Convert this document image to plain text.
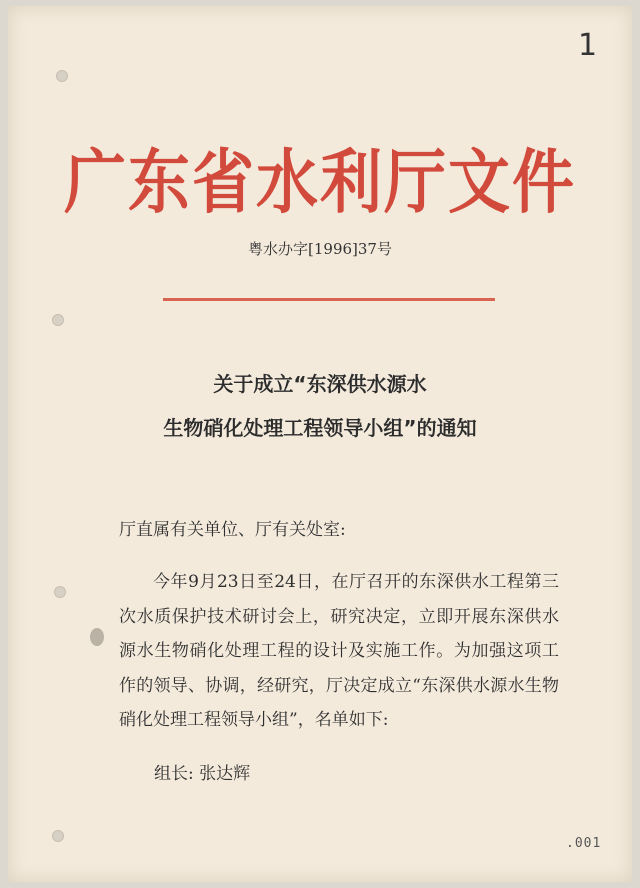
1
广东省水利厅文件
粤水办字[1996]37号
关于成立“东深供水源水
生物硝化处理工程领导小组”的通知
厅直属有关单位、厅有关处室:
今年9月23日至24日，在厅召开的东深供水工程第三次水质保护技术研讨会上，研究决定，立即开展东深供水源水生物硝化处理工程的设计及实施工作。为加强这项工作的领导、协调，经研究，厅决定成立“东深供水源水生物硝化处理工程领导小组”，名单如下:
组长: 张达辉
.001
